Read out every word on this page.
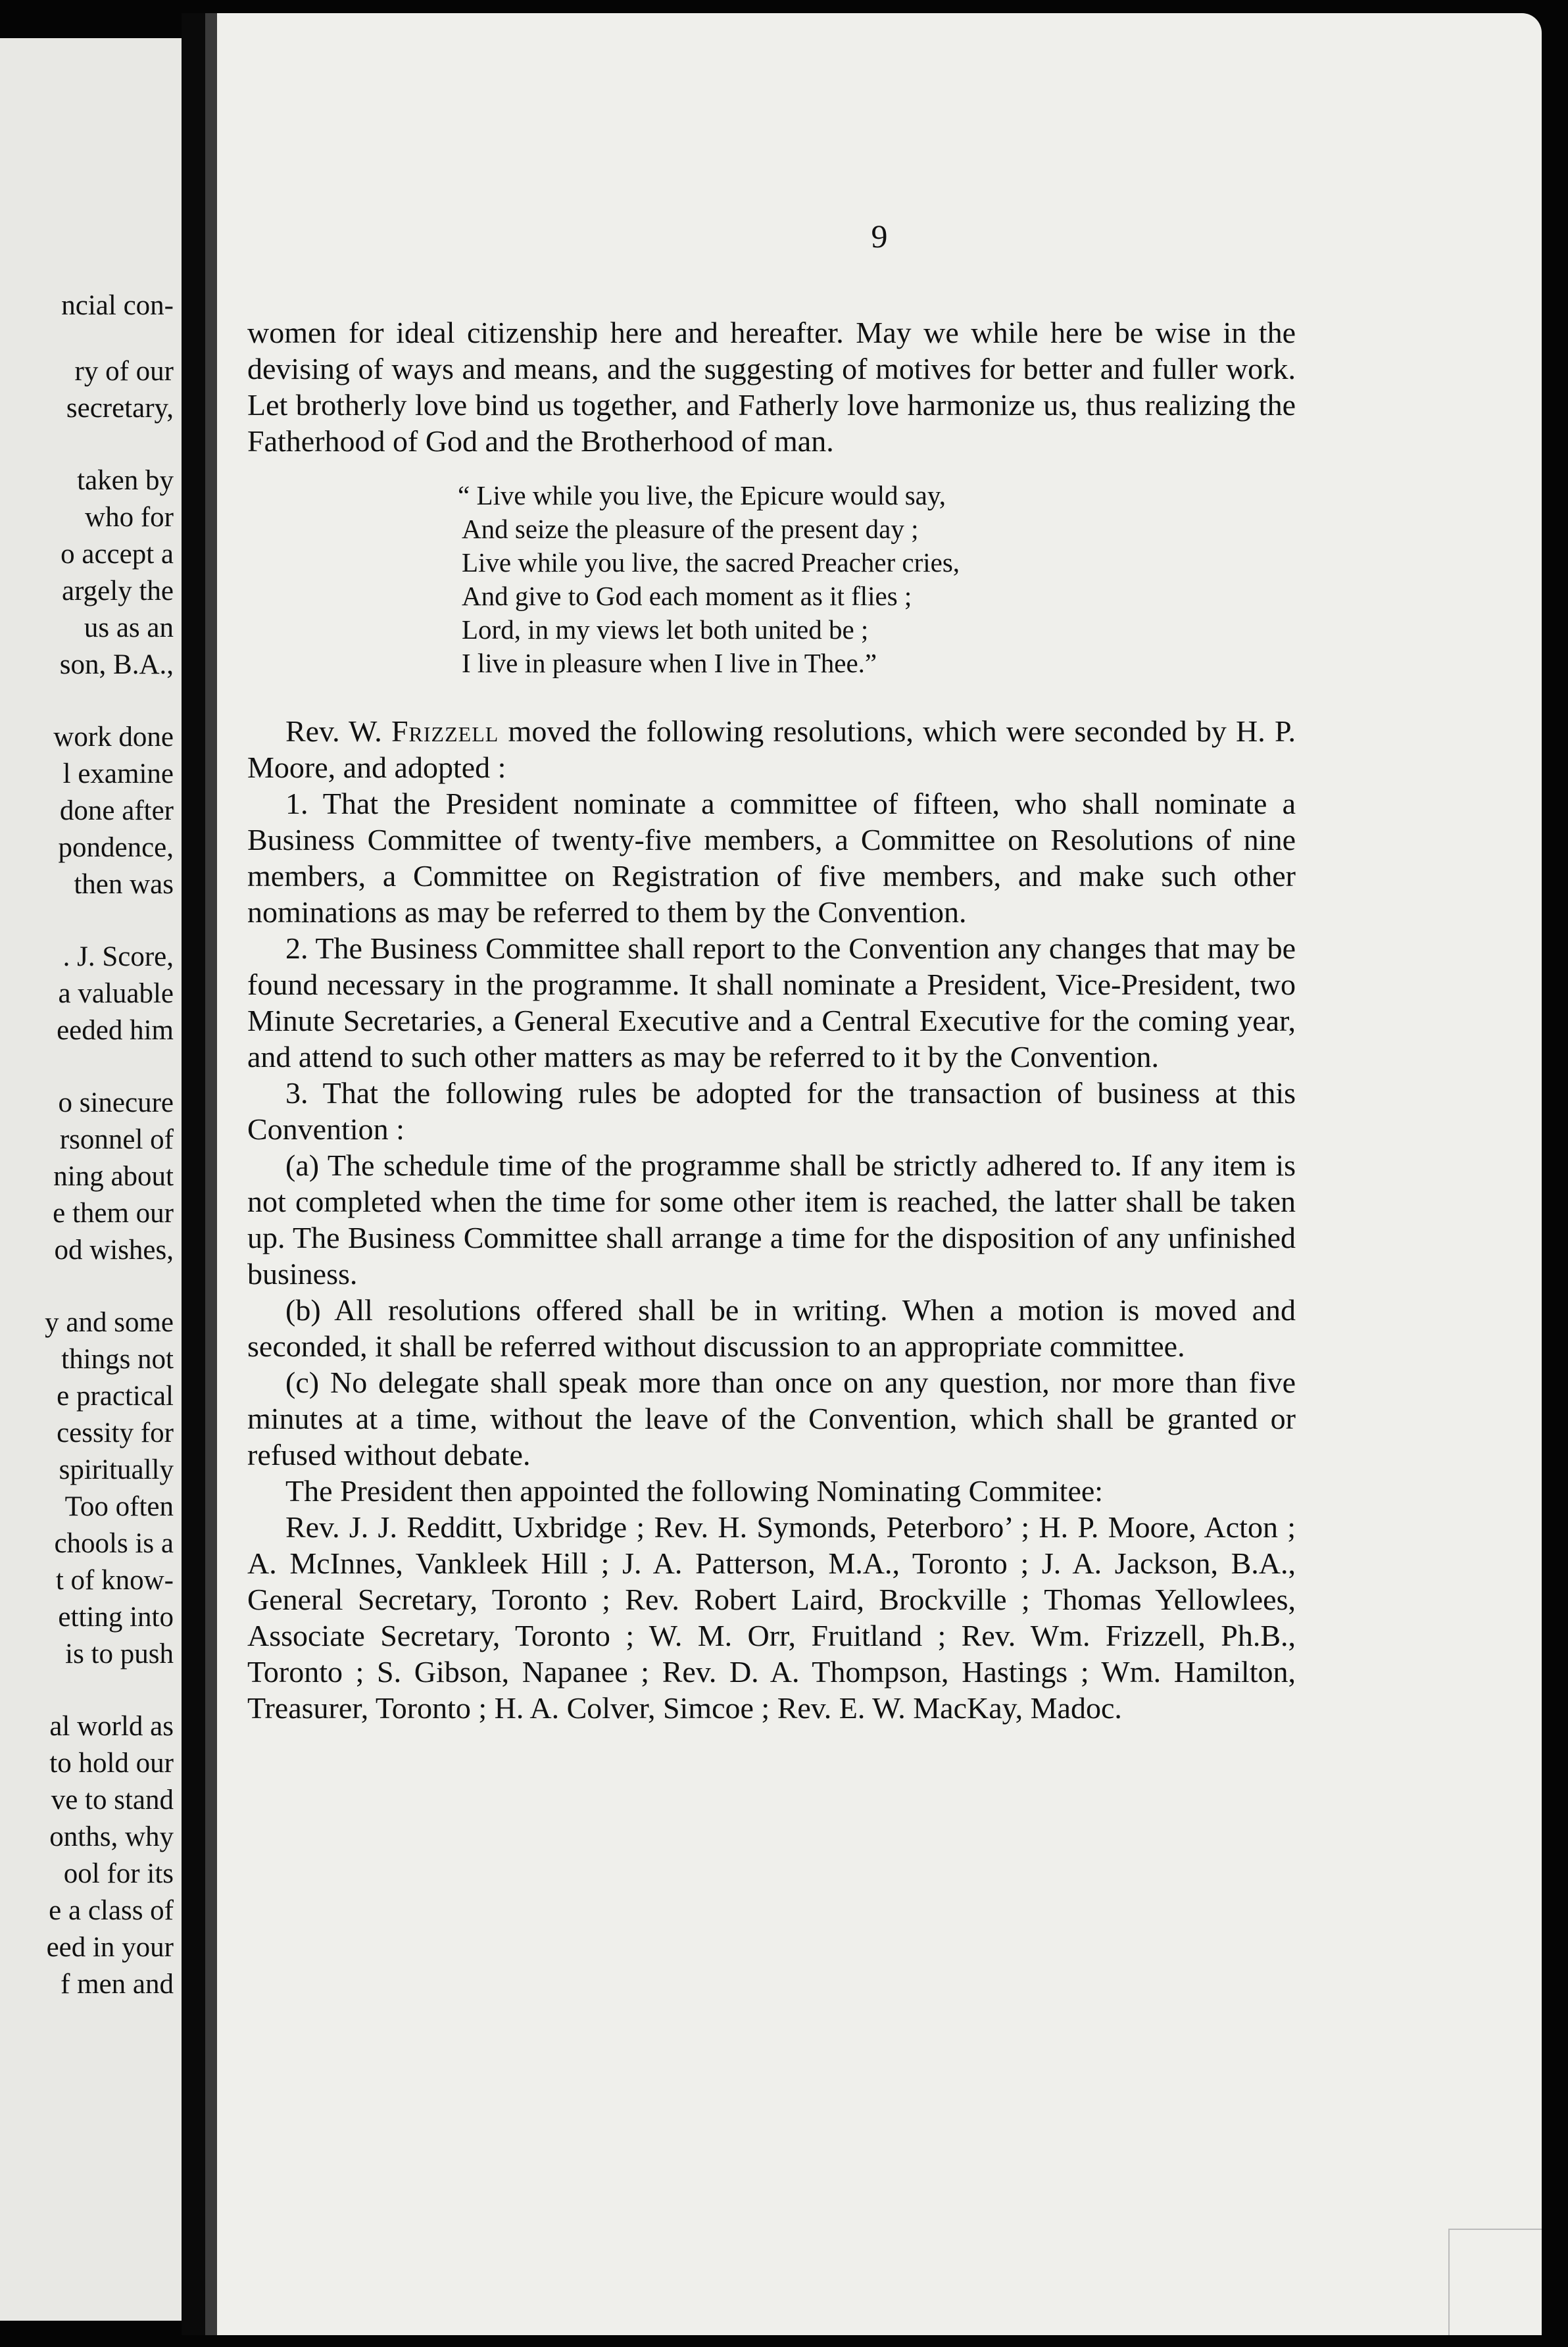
ncial con-
ry of our
secretary,
taken by
who for
o accept a
argely the
us as an
son, B.A.,
work done
l examine
done after
pondence,
then was
. J. Score,
a valuable
eeded him
o sinecure
rsonnel of
ning about
e them our
od wishes,
y and some
things not
e practical
cessity for
spiritually
Too often
chools is a
t of know-
etting into
is to push
al world as
to hold our
ve to stand
onths, why
ool for its
e a class of
eed in your
f men and
9

women for ideal citizenship here and hereafter. May we while here be wise in the devising of ways and means, and the suggesting of motives for better and fuller work. Let brotherly love bind us together, and Fatherly love harmonize us, thus realizing the Fatherhood of God and the Brotherhood of man.

“ Live while you live, the Epicure would say,
And seize the pleasure of the present day ;
Live while you live, the sacred Preacher cries,
And give to God each moment as it flies ;
Lord, in my views let both united be ;
I live in pleasure when I live in Thee.”

Rev. W. Frizzell moved the following resolutions, which were seconded by H. P. Moore, and adopted :

1. That the President nominate a committee of fifteen, who shall nominate a Business Committee of twenty-five members, a Committee on Resolutions of nine members, a Committee on Registration of five members, and make such other nominations as may be referred to them by the Convention.

2. The Business Committee shall report to the Convention any changes that may be found necessary in the programme. It shall nominate a President, Vice-President, two Minute Secretaries, a General Executive and a Central Executive for the coming year, and attend to such other matters as may be referred to it by the Convention.

3. That the following rules be adopted for the transaction of business at this Convention :

(a) The schedule time of the programme shall be strictly adhered to. If any item is not completed when the time for some other item is reached, the latter shall be taken up. The Business Committee shall arrange a time for the disposition of any unfinished business.

(b) All resolutions offered shall be in writing. When a motion is moved and seconded, it shall be referred without discussion to an appropriate committee.

(c) No delegate shall speak more than once on any question, nor more than five minutes at a time, without the leave of the Convention, which shall be granted or refused without debate.

The President then appointed the following Nominating Commitee:

Rev. J. J. Redditt, Uxbridge ; Rev. H. Symonds, Peterboro’ ; H. P. Moore, Acton ; A. McInnes, Vankleek Hill ; J. A. Patterson, M.A., Toronto ; J. A. Jackson, B.A., General Secretary, Toronto ; Rev. Robert Laird, Brockville ; Thomas Yellowlees, Associate Secretary, Toronto ; W. M. Orr, Fruitland ; Rev. Wm. Frizzell, Ph.B., Toronto ; S. Gibson, Napanee ; Rev. D. A. Thompson, Hastings ; Wm. Hamilton, Treasurer, Toronto ; H. A. Colver, Simcoe ; Rev. E. W. MacKay, Madoc.
